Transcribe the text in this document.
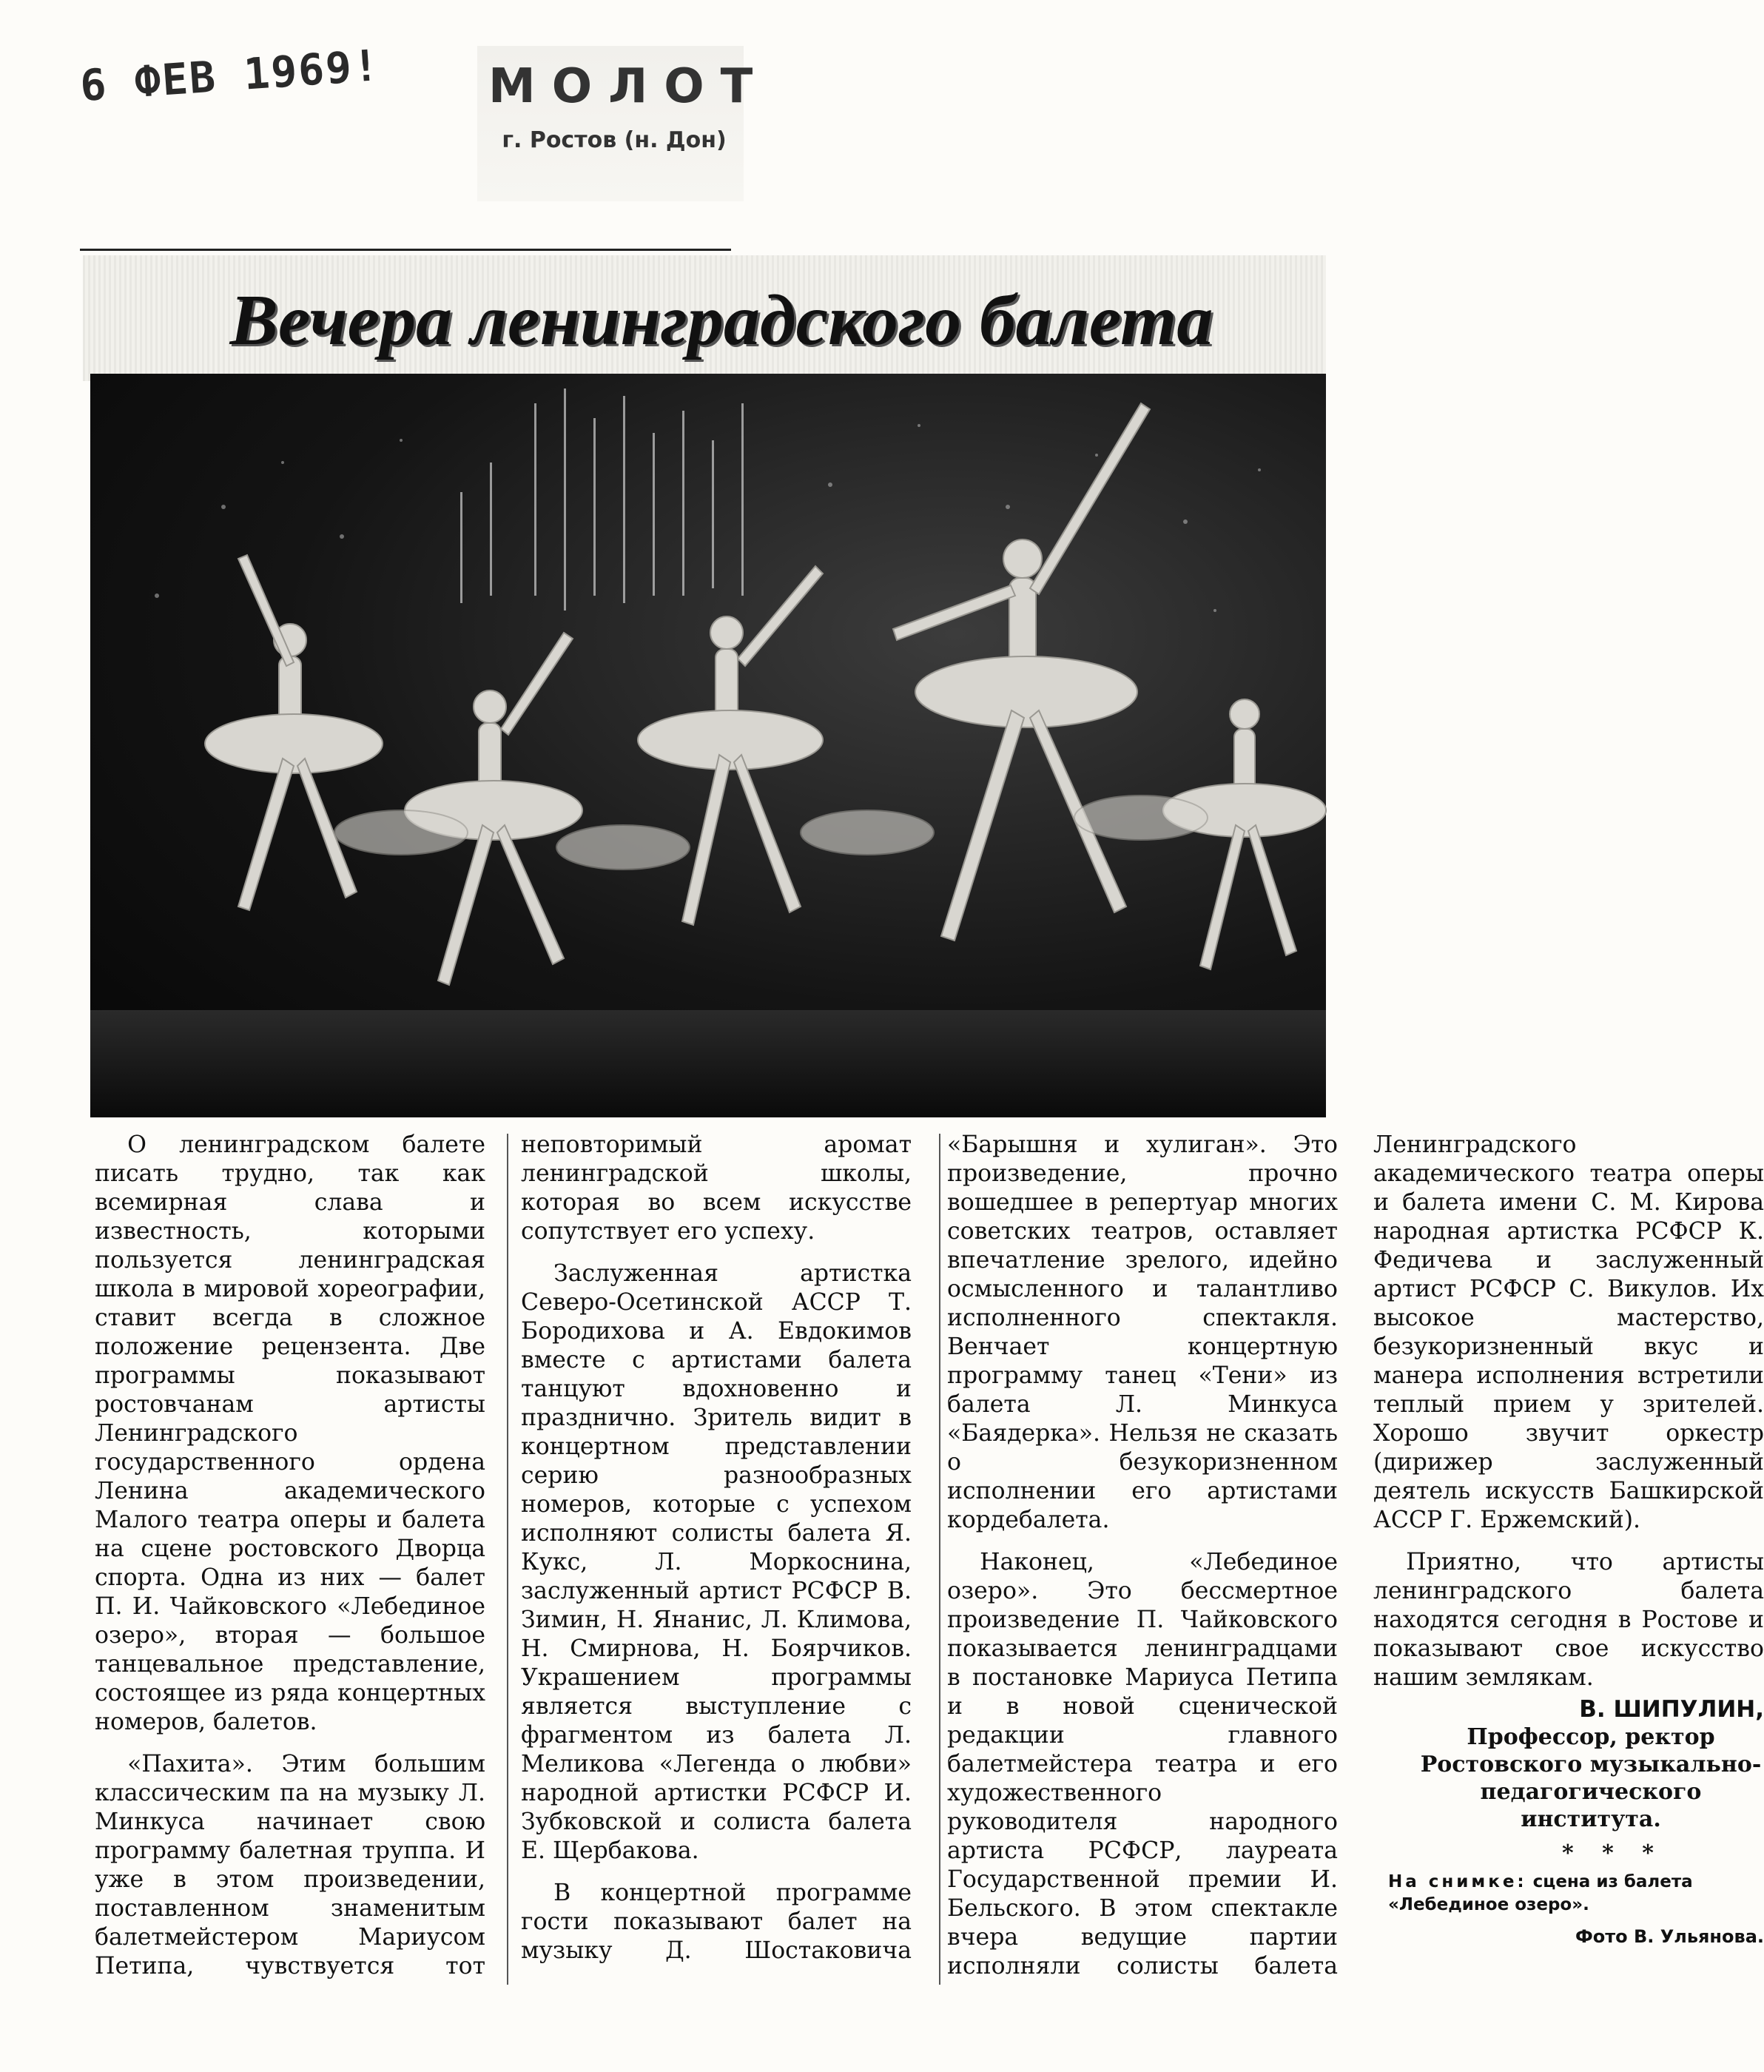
6 ФЕВ 1969! МОЛОТ
г. Ростов (н. Дон)
Вечера ленинградского балета

О ленинградском балете писать трудно, так как всемирная слава и известность, которыми пользуется ленинградская школа в мировой хореографии, ставит всегда в сложное положение рецензента. Две программы показывают ростовчанам артисты Ленинградского государственного ордена Ленина академического Малого театра оперы и балета на сцене ростовского Дворца спорта. Одна из них — балет П. И. Чайковского «Лебединое озеро», вторая — большое танцевальное представление, состоящее из ряда концертных номеров, балетов.

«Пахита». Этим большим классическим па на музыку Л. Минкуса начинает свою программу балетная труппа. И уже в этом произведении, поставленном знаменитым балетмейстером Мариусом Петипа, чувствуется тот неповторимый аромат ленинградской школы, которая во всем искусстве сопутствует его успеху.

Заслуженная артистка Северо-Осетинской АССР Т. Бородихова и А. Евдокимов вместе с артистами балета танцуют вдохновенно и празднично. Зритель видит в концертном представлении серию разнообразных номеров, которые с успехом исполняют солисты балета Я. Кукс, Л. Моркоснина, заслуженный артист РСФСР В. Зимин, Н. Янанис, Л. Климова, Н. Смирнова, Н. Боярчиков. Украшением программы является выступление с фрагментом из балета Л. Меликова «Легенда о любви» народной артистки РСФСР И. Зубковской и солиста балета Е. Щербакова.

В концертной программе гости показывают балет на музыку Д. Шостаковича «Барышня и хулиган». Это произведение, прочно вошедшее в репертуар многих советских театров, оставляет впечатление зрелого, идейно осмысленного и талантливо исполненного спектакля. Венчает концертную программу танец «Тени» из балета Л. Минкуса «Баядерка». Нельзя не сказать о безукоризненном исполнении его артистами кордебалета.

Наконец, «Лебединое озеро». Это бессмертное произведение П. Чайковского показывается ленинградцами в постановке Мариуса Петипа и в новой сценической редакции главного балетмейстера театра и его художественного руководителя народного артиста РСФСР, лауреата Государственной премии И. Бельского. В этом спектакле вчера ведущие партии исполняли солисты балета Ленинградского академического театра оперы и балета имени С. М. Кирова народная артистка РСФСР К. Федичева и заслуженный артист РСФСР С. Викулов. Их высокое мастерство, безукоризненный вкус и манера исполнения встретили теплый прием у зрителей. Хорошо звучит оркестр (дирижер заслуженный деятель искусств Башкирской АССР Г. Ержемский).

Приятно, что артисты ленинградского балета находятся сегодня в Ростове и показывают свое искусство нашим землякам.

В. ШИПУЛИН,
Профессор, ректор Ростовского музыкально-педагогического института.
* * *
На снимке: сцена из балета «Лебединое озеро».
Фото В. Ульянова.
